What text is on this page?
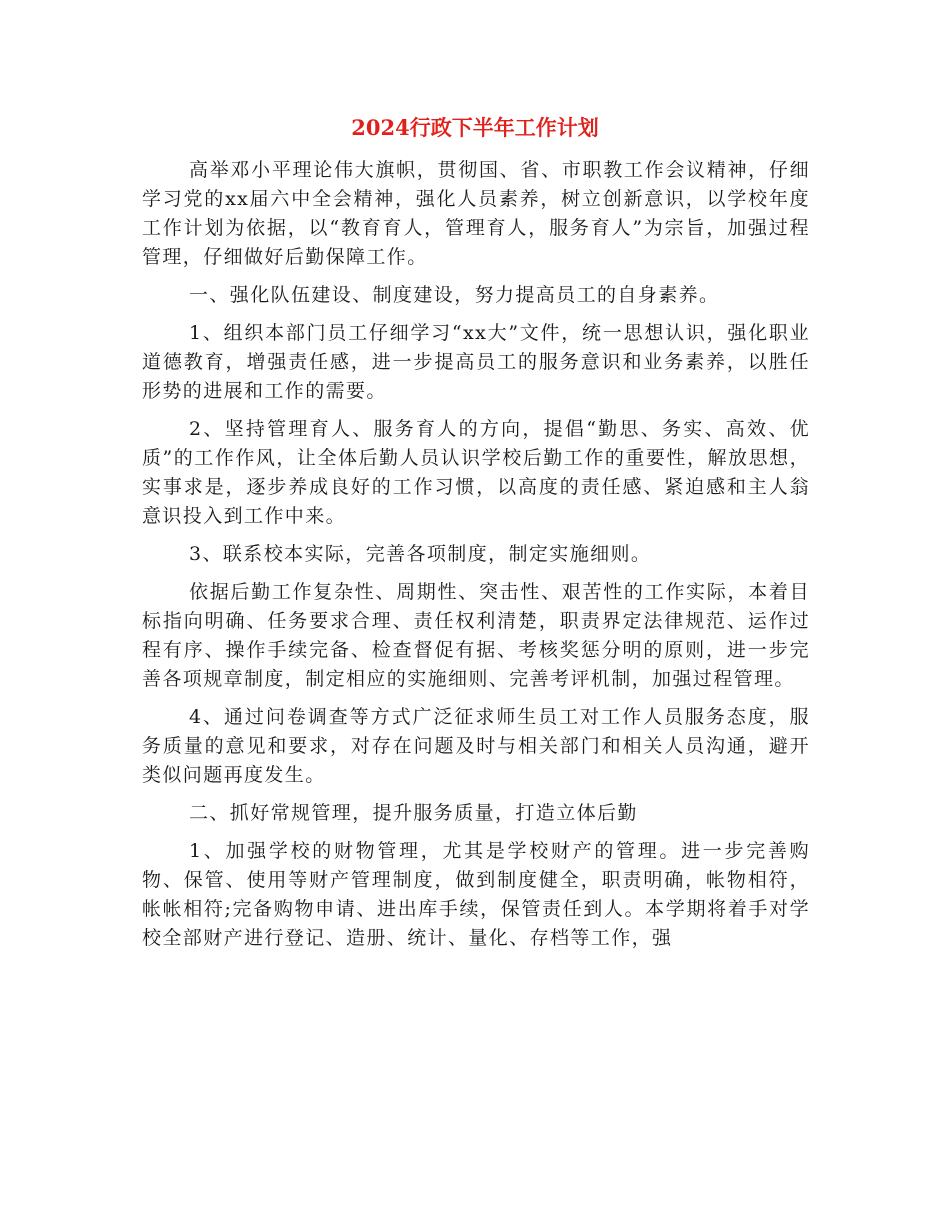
2024行政下半年工作计划

高举邓小平理论伟大旗帜，贯彻国、省、市职教工作会议精神，仔细学习党的xx届六中全会精神，强化人员素养，树立创新意识，以学校年度工作计划为依据，以“教育育人，管理育人，服务育人”为宗旨，加强过程管理，仔细做好后勤保障工作。

一、强化队伍建设、制度建设，努力提高员工的自身素养。

1、组织本部门员工仔细学习“xx大”文件，统一思想认识，强化职业道德教育，增强责任感，进一步提高员工的服务意识和业务素养，以胜任形势的进展和工作的需要。

2、坚持管理育人、服务育人的方向，提倡“勤思、务实、高效、优质”的工作作风，让全体后勤人员认识学校后勤工作的重要性，解放思想，实事求是，逐步养成良好的工作习惯，以高度的责任感、紧迫感和主人翁意识投入到工作中来。

3、联系校本实际，完善各项制度，制定实施细则。

依据后勤工作复杂性、周期性、突击性、艰苦性的工作实际，本着目标指向明确、任务要求合理、责任权利清楚，职责界定法律规范、运作过程有序、操作手续完备、检查督促有据、考核奖惩分明的原则，进一步完善各项规章制度，制定相应的实施细则、完善考评机制，加强过程管理。

4、通过问卷调查等方式广泛征求师生员工对工作人员服务态度，服务质量的意见和要求，对存在问题及时与相关部门和相关人员沟通，避开类似问题再度发生。

二、抓好常规管理，提升服务质量，打造立体后勤

1、加强学校的财物管理，尤其是学校财产的管理。进一步完善购物、保管、使用等财产管理制度，做到制度健全，职责明确，帐物相符，帐帐相符;完备购物申请、进出库手续，保管责任到人。本学期将着手对学校全部财产进行登记、造册、统计、量化、存档等工作，强
